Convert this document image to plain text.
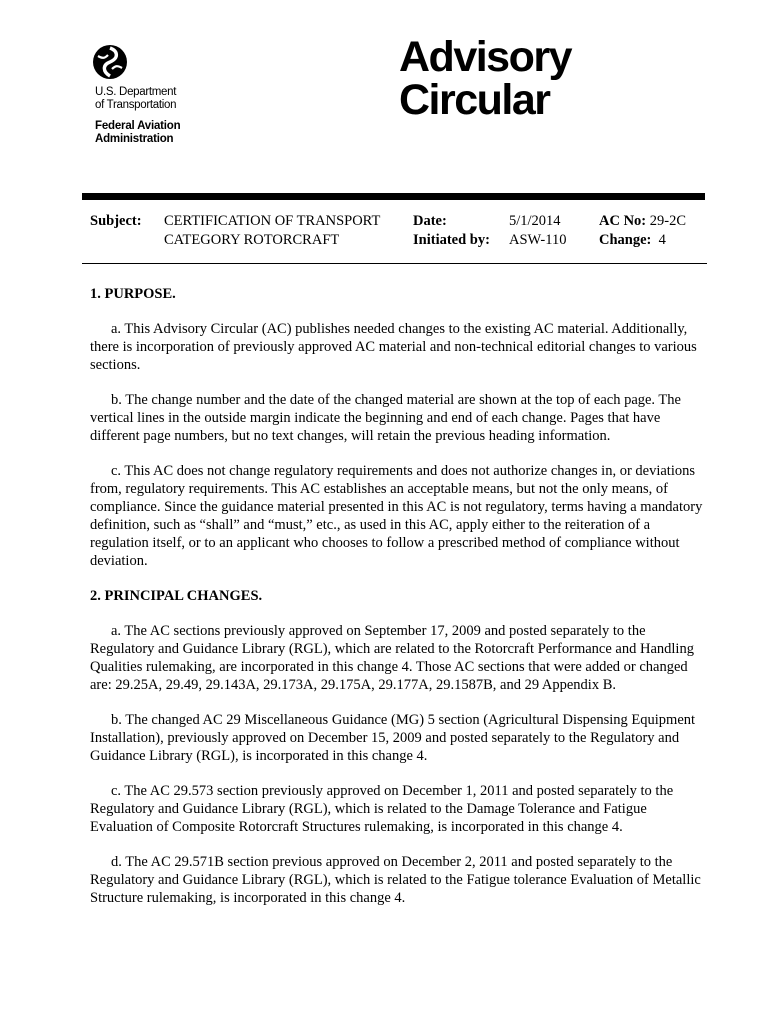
U.S. Department
of Transportation
Federal Aviation
Administration
Advisory
Circular
Subject: CERTIFICATION OF TRANSPORT
CATEGORY ROTORCRAFT
Date:	5/1/2014
Initiated by: ASW-110
AC No: 29-2C
Change: 4

1. PURPOSE.

a. This Advisory Circular (AC) publishes needed changes to the existing AC material. Additionally, there is incorporation of previously approved AC material and non-technical editorial changes to various sections.

b. The change number and the date of the changed material are shown at the top of each page. The vertical lines in the outside margin indicate the beginning and end of each change. Pages that have different page numbers, but no text changes, will retain the previous heading information.

c. This AC does not change regulatory requirements and does not authorize changes in, or deviations from, regulatory requirements. This AC establishes an acceptable means, but not the only means, of compliance. Since the guidance material presented in this AC is not regulatory, terms having a mandatory definition, such as “shall” and “must,” etc., as used in this AC, apply either to the reiteration of a regulation itself, or to an applicant who chooses to follow a prescribed method of compliance without deviation.

2. PRINCIPAL CHANGES.

a. The AC sections previously approved on September 17, 2009 and posted separately to the Regulatory and Guidance Library (RGL), which are related to the Rotorcraft Performance and Handling Qualities rulemaking, are incorporated in this change 4. Those AC sections that were added or changed are: 29.25A, 29.49, 29.143A, 29.173A, 29.175A, 29.177A, 29.1587B, and 29 Appendix B.

b. The changed AC 29 Miscellaneous Guidance (MG) 5 section (Agricultural Dispensing Equipment Installation), previously approved on December 15, 2009 and posted separately to the Regulatory and Guidance Library (RGL), is incorporated in this change 4.

c. The AC 29.573 section previously approved on December 1, 2011 and posted separately to the Regulatory and Guidance Library (RGL), which is related to the Damage Tolerance and Fatigue Evaluation of Composite Rotorcraft Structures rulemaking, is incorporated in this change 4.

d. The AC 29.571B section previous approved on December 2, 2011 and posted separately to the Regulatory and Guidance Library (RGL), which is related to the Fatigue tolerance Evaluation of Metallic Structure rulemaking, is incorporated in this change 4.
